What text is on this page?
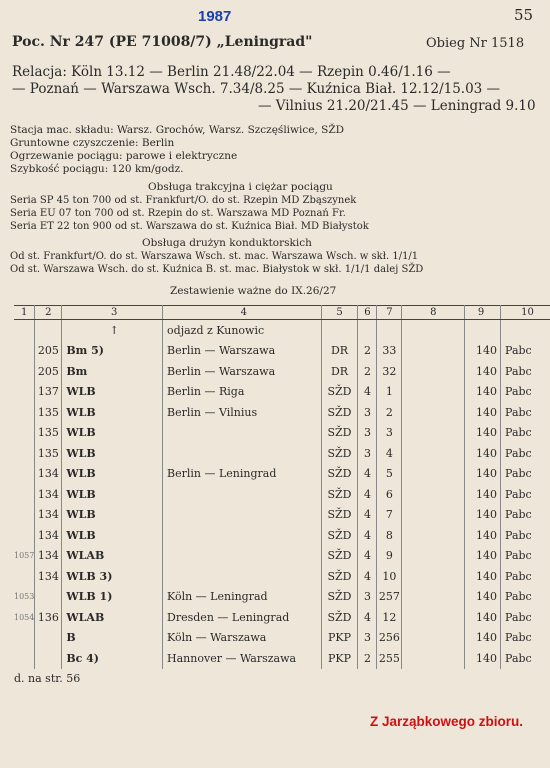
1987	55
Poc. Nr 247 (PE 71008/7) „Leningrad"	Obieg Nr 1518
Relacja: Köln 13.12 — Berlin 21.48/22.04 — Rzepin 0.46/1.16 —
— Poznań — Warszawa Wsch. 7.34/8.25 — Kuźnica Biał. 12.12/15.03 —
— Vilnius 21.20/21.45 — Leningrad 9.10
Stacja mac. składu: Warsz. Grochów, Warsz. Szczęśliwice, SŽD
Gruntowne czyszczenie: Berlin
Ogrzewanie pociągu: parowe i elektryczne
Szybkość pociągu: 120 km/godz.
Obsługa trakcyjna i ciężar pociągu
Seria SP 45 ton 700 od st. Frankfurt/O. do st. Rzepin MD Zbąszynek
Seria EU 07 ton 700 od st. Rzepin do st. Warszawa MD Poznań Fr.
Seria ET 22 ton 900 od st. Warszawa do st. Kuźnica Biał. MD Białystok
Obsługa drużyn konduktorskich
Od st. Frankfurt/O. do st. Warszawa Wsch. st. mac. Warszawa Wsch. w skł. 1/1/1
Od st. Warszawa Wsch. do st. Kuźnica B. st. mac. Białystok w skł. 1/1/1 dalej SŽD
Zestawienie ważne do IX.26/27
1	2	3	4	5	6	7	8	9	10
		↑	odjazd z Kunowic						
	205	Bm 5)	Berlin — Warszawa	DR	2	33		140	Pabc
	205	Bm	Berlin — Warszawa	DR	2	32		140	Pabc
	137	WLB	Berlin — Riga	SŽD	4	1		140	Pabc
	135	WLB	Berlin — Vilnius	SŽD	3	2		140	Pabc
	135	WLB		SŽD	3	3		140	Pabc
	135	WLB		SŽD	3	4		140	Pabc
	134	WLB	Berlin — Leningrad	SŽD	4	5		140	Pabc
	134	WLB		SŽD	4	6		140	Pabc
	134	WLB		SŽD	4	7		140	Pabc
	134	WLB		SŽD	4	8		140	Pabc
1057	134	WLAB		SŽD	4	9		140	Pabc
	134	WLB 3)		SŽD	4	10		140	Pabc
1053		WLB 1)	Köln — Leningrad	SŽD	3	257		140	Pabc
1054	136	WLAB	Dresden — Leningrad	SŽD	4	12		140	Pabc
		B	Köln — Warszawa	PKP	3	256		140	Pabc
		Bc 4)	Hannover — Warszawa	PKP	2	255		140	Pabc
d. na str. 56
Z Jarząbkowego zbioru.
